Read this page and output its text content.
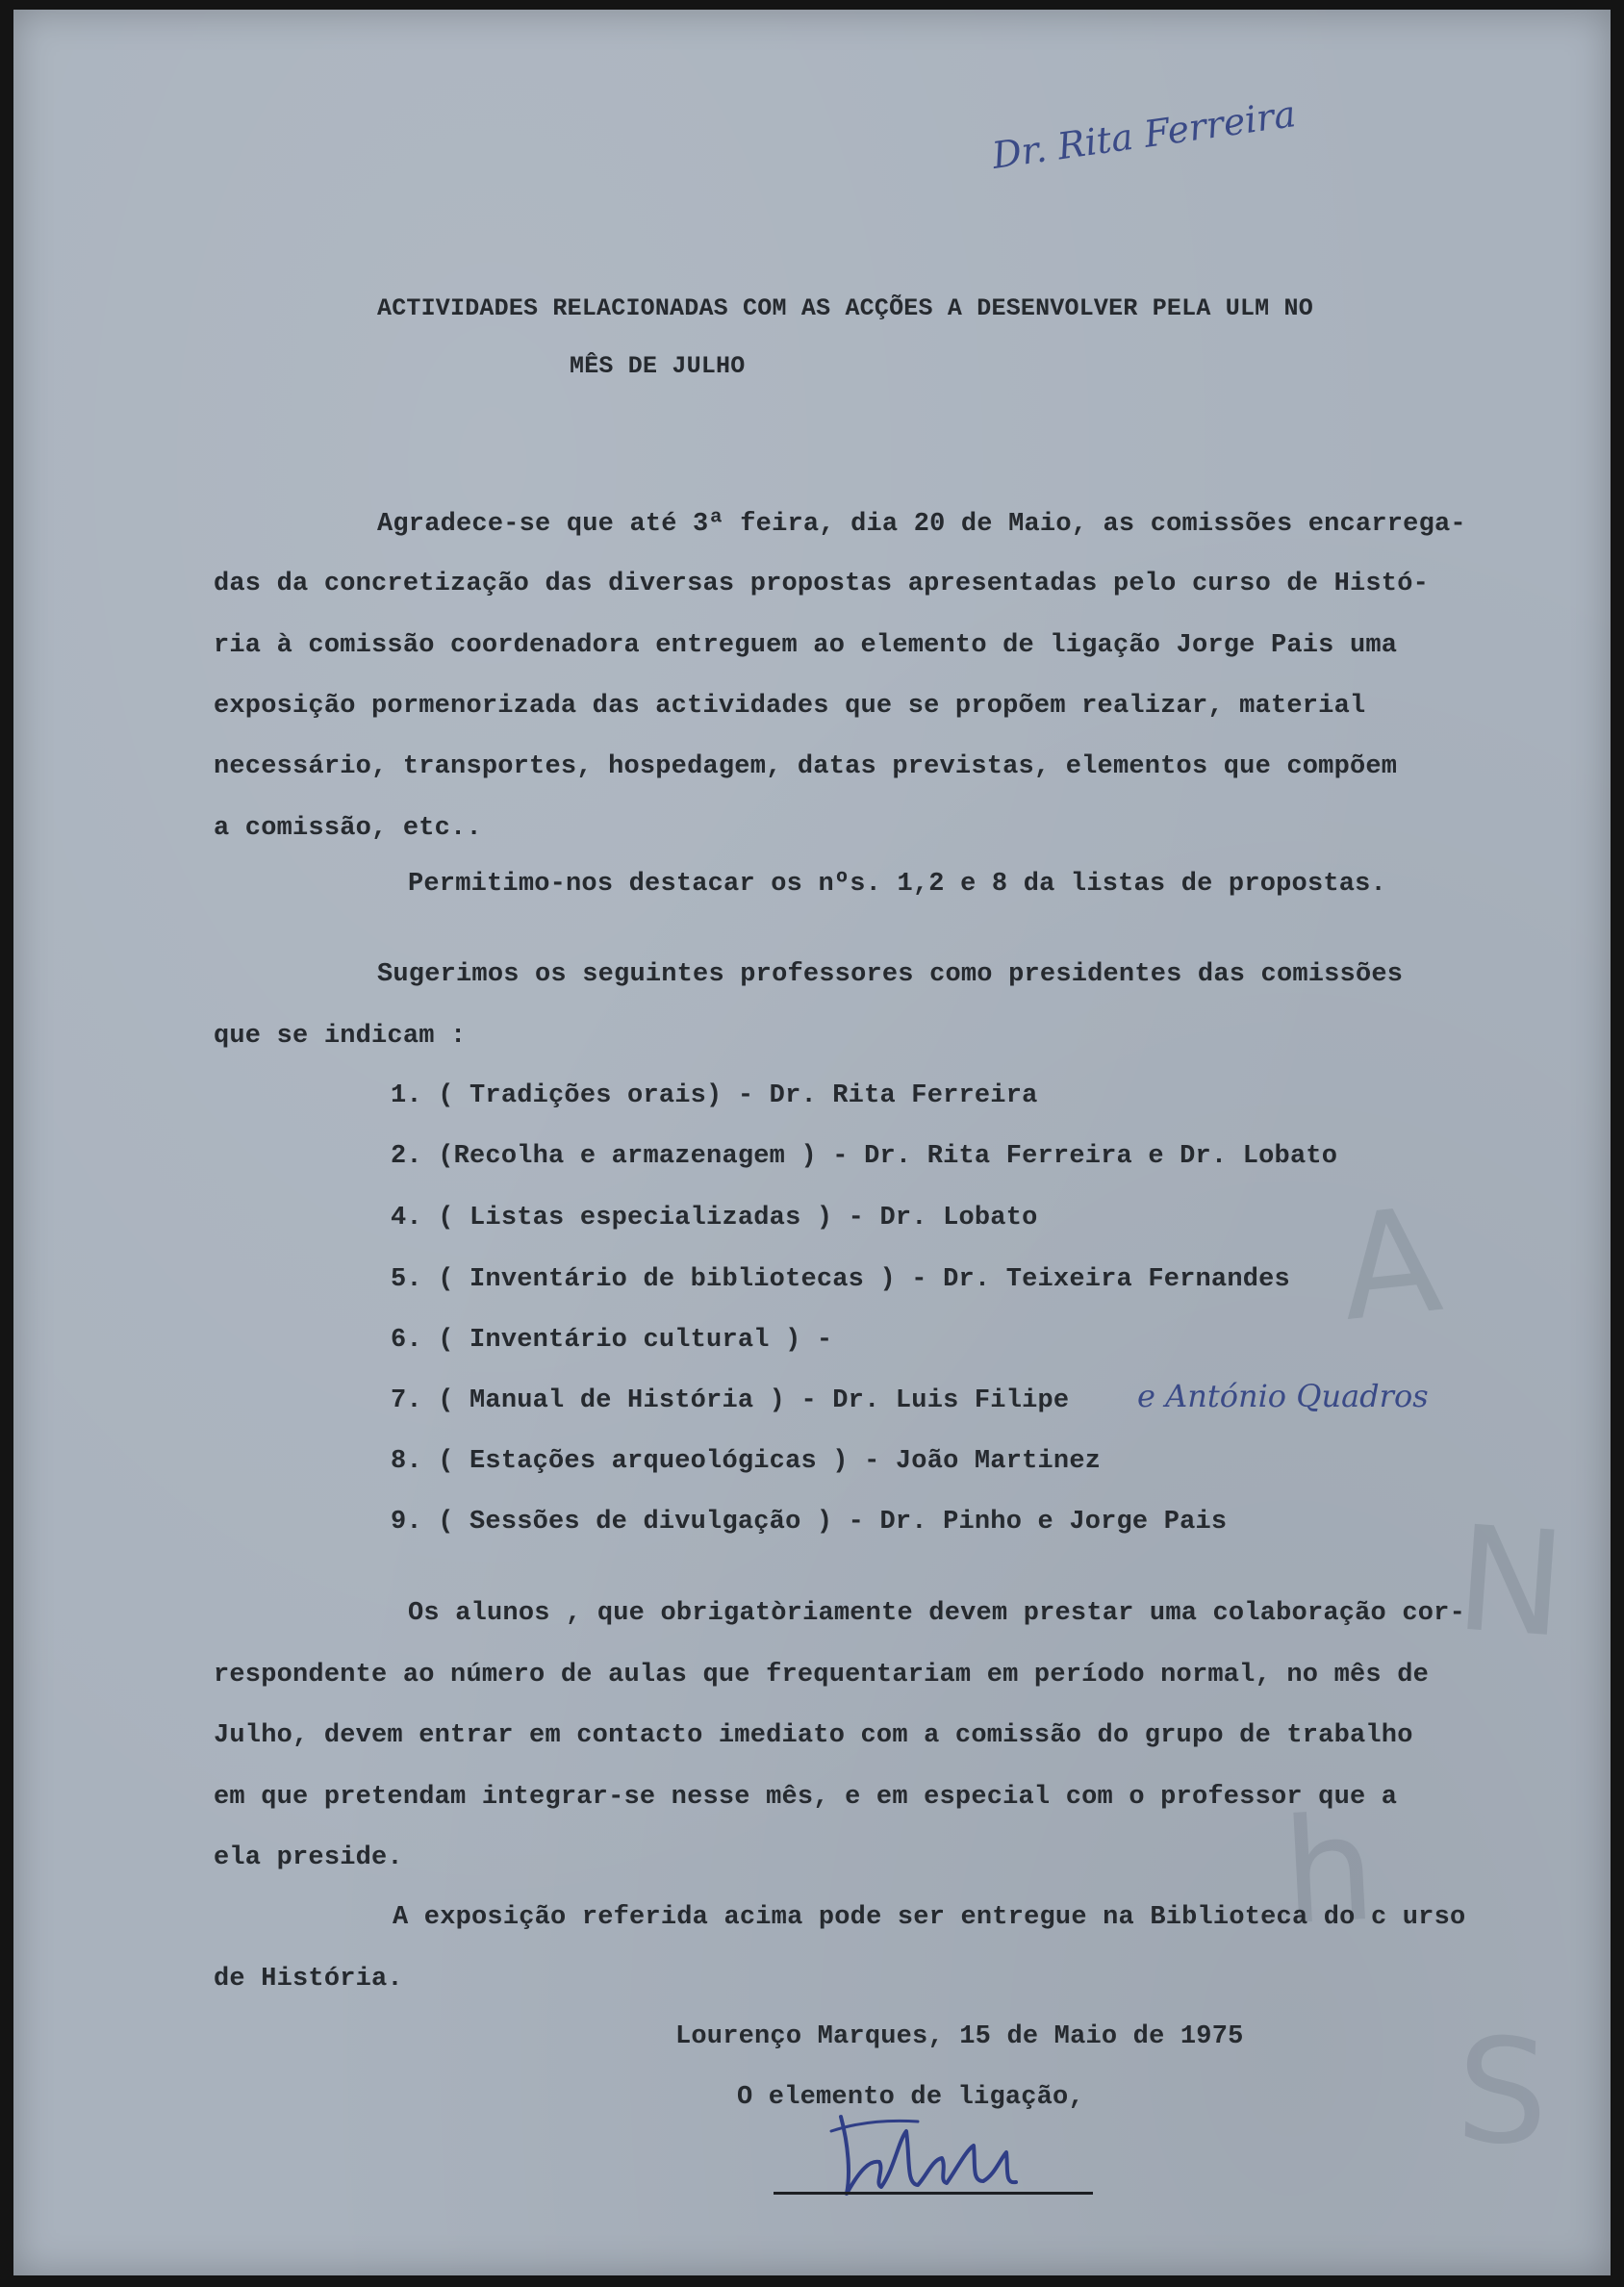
A
N
h
S
Dr. Rita Ferreira
ACTIVIDADES RELACIONADAS COM AS ACÇÕES A DESENVOLVER PELA ULM NO
MÊS DE JULHO
Agradece-se que até 3ª feira, dia 20 de Maio, as comissões encarrega-
das da concretização das diversas propostas apresentadas pelo curso de Histó-
ria à comissão coordenadora entreguem ao elemento de ligação Jorge Pais uma
exposição pormenorizada das actividades que se propõem realizar, material
necessário, transportes, hospedagem, datas previstas, elementos que compõem
a comissão, etc..
Permitimo-nos destacar os nºs. 1,2 e 8 da listas de propostas.
Sugerimos os seguintes professores como presidentes das comissões
que se indicam :
1. ( Tradições orais) - Dr. Rita Ferreira
2. (Recolha e armazenagem ) - Dr. Rita Ferreira e Dr. Lobato
4. ( Listas especializadas ) - Dr. Lobato
5. ( Inventário de bibliotecas ) - Dr. Teixeira Fernandes
6. ( Inventário cultural ) -
7. ( Manual de História ) - Dr. Luis Filipe e António Quadros
8. ( Estações arqueológicas ) - João Martinez
9. ( Sessões de divulgação ) - Dr. Pinho e Jorge Pais
Os alunos , que obrigatòriamente devem prestar uma colaboração cor-
respondente ao número de aulas que frequentariam em período normal, no mês de
Julho, devem entrar em contacto imediato com a comissão do grupo de trabalho
em que pretendam integrar-se nesse mês, e em especial com o professor que a
ela preside.
A exposição referida acima pode ser entregue na Biblioteca do c urso
de História.
Lourenço Marques, 15 de Maio de 1975
O elemento de ligação,
